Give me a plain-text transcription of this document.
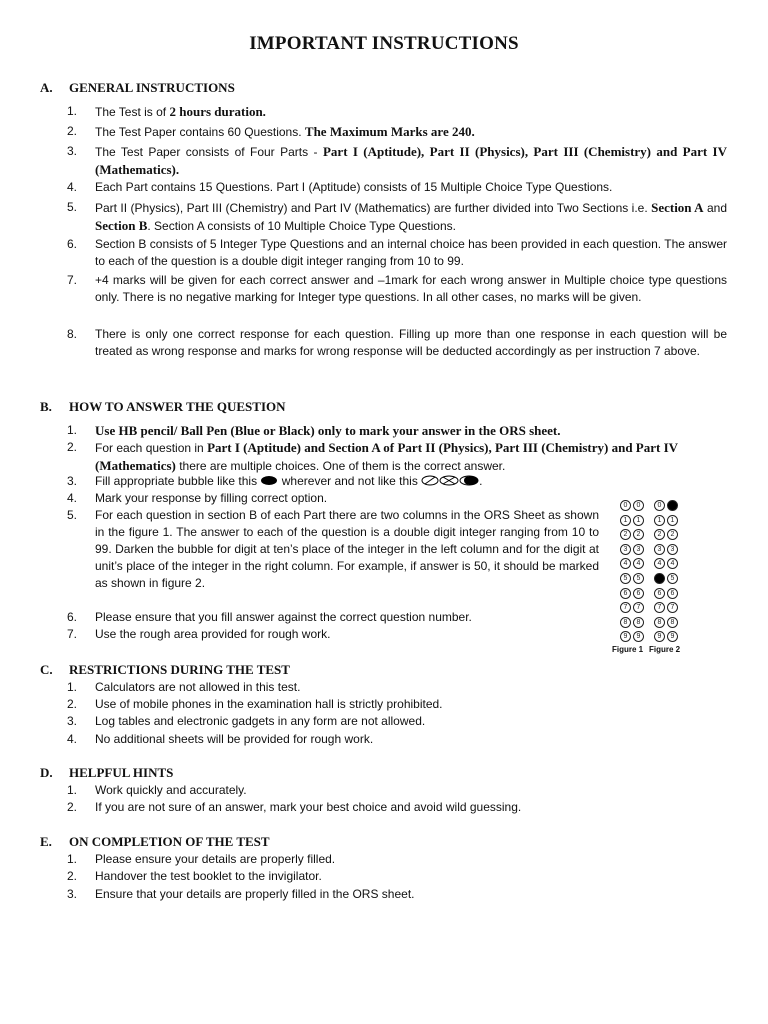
IMPORTANT INSTRUCTIONS
A. GENERAL INSTRUCTIONS
1. The Test is of 2 hours duration.
2. The Test Paper contains 60 Questions. The Maximum Marks are 240.
3. The Test Paper consists of Four Parts - Part I (Aptitude), Part II (Physics), Part III (Chemistry) and Part IV (Mathematics).
4. Each Part contains 15 Questions. Part I (Aptitude) consists of 15 Multiple Choice Type Questions.
5. Part II (Physics), Part III (Chemistry) and Part IV (Mathematics) are further divided into Two Sections i.e. Section A and Section B. Section A consists of 10 Multiple Choice Type Questions.
6. Section B consists of 5 Integer Type Questions and an internal choice has been provided in each question. The answer to each of the question is a double digit integer ranging from 10 to 99.
7. +4 marks will be given for each correct answer and –1mark for each wrong answer in Multiple choice type questions only. There is no negative marking for Integer type questions. In all other cases, no marks will be given.
8. There is only one correct response for each question. Filling up more than one response in each question will be treated as wrong response and marks for wrong response will be deducted accordingly as per instruction 7 above.
B. HOW TO ANSWER THE QUESTION
1. Use HB pencil/ Ball Pen (Blue or Black) only to mark your answer in the ORS sheet.
2. For each question in Part I (Aptitude) and Section A of Part II (Physics), Part III (Chemistry) and Part IV (Mathematics) there are multiple choices. One of them is the correct answer.
3. Fill appropriate bubble like this  wherever and not like this	.
4. Mark your response by filling correct option.
5. For each question in section B of each Part there are two columns in the ORS Sheet as shown in the figure 1. The answer to each of the question is a double digit integer ranging from 10 to 99. Darken the bubble for digit at ten’s place of the integer in the left column and for the digit at unit’s place of the integer in the right column. For example, if answer is 50, it should be marked as shown in figure 2.
6. Please ensure that you fill answer against the correct question number.
7. Use the rough area provided for rough work.
0	0	0	0
1	1	1	1
2	2	2	2
3	3	3	3
4	4	4	4
5	5	5	5
6	6	6	6
7	7	7	7
8	8	8	8
9	9	9	9
Figure 1 Figure 2
C. RESTRICTIONS DURING THE TEST
1. Calculators are not allowed in this test.
2. Use of mobile phones in the examination hall is strictly prohibited.
3. Log tables and electronic gadgets in any form are not allowed.
4. No additional sheets will be provided for rough work.
D. HELPFUL HINTS
1. Work quickly and accurately.
2. If you are not sure of an answer, mark your best choice and avoid wild guessing.
E. ON COMPLETION OF THE TEST
1. Please ensure your details are properly filled.
2. Handover the test booklet to the invigilator.
3. Ensure that your details are properly filled in the ORS sheet.
